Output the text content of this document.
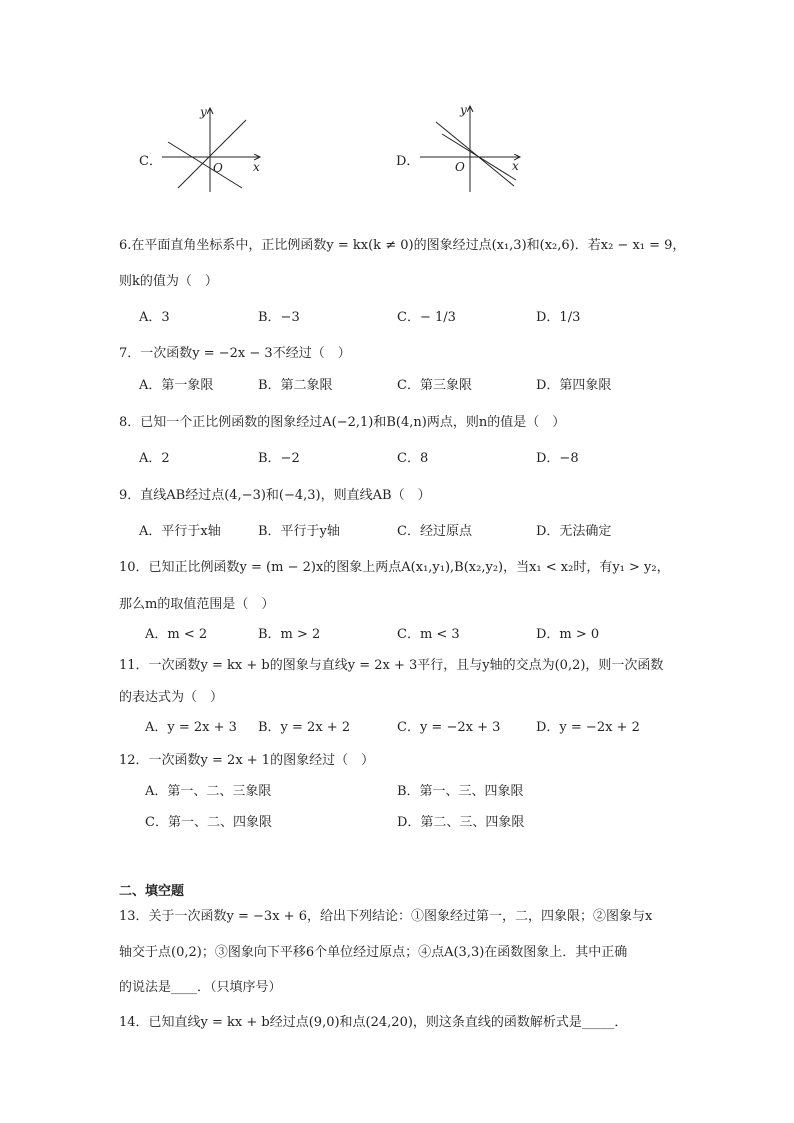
C．
y
x
O	D．
y
x
O
6.在平面直角坐标系中，正比例函数y = kx(k ≠ 0)的图象经过点(x₁,3)和(x₂,6)．若x₂ − x₁ = 9，
则k的值为（　）
A．3	B．−3	C．− 1/3	D．1/3
7．一次函数y = −2x − 3不经过（　）
A．第一象限	B．第二象限	C．第三象限	D．第四象限
8．已知一个正比例函数的图象经过A(−2,1)和B(4,n)两点，则n的值是（　）
A．2	B．−2	C．8	D．−8
9．直线AB经过点(4,−3)和(−4,3)，则直线AB（　）
A．平行于x轴	B．平行于y轴	C．经过原点	D．无法确定
10．已知正比例函数y = (m − 2)x的图象上两点A(x₁,y₁),B(x₂,y₂)，当x₁ < x₂时，有y₁ > y₂，
那么m的取值范围是（　）
A．m < 2	B．m > 2	C．m < 3	D．m > 0
11．一次函数y = kx + b的图象与直线y = 2x + 3平行，且与y轴的交点为(0,2)，则一次函数
的表达式为（　）
A．y = 2x + 3 B．y = 2x + 2	C．y = −2x + 3	D．y = −2x + 2
12．一次函数y = 2x + 1的图象经过（　）
A．第一、二、三象限	B．第一、三、四象限
C．第一、二、四象限	D．第二、三、四象限
二、填空题
13．关于一次函数y = −3x + 6，给出下列结论：①图象经过第一，二，四象限；②图象与x
轴交于点(0,2)；③图象向下平移6个单位经过原点；④点A(3,3)在函数图象上．其中正确
的说法是____．（只填序号）
14．已知直线y = kx + b经过点(9,0)和点(24,20)，则这条直线的函数解析式是_____．
